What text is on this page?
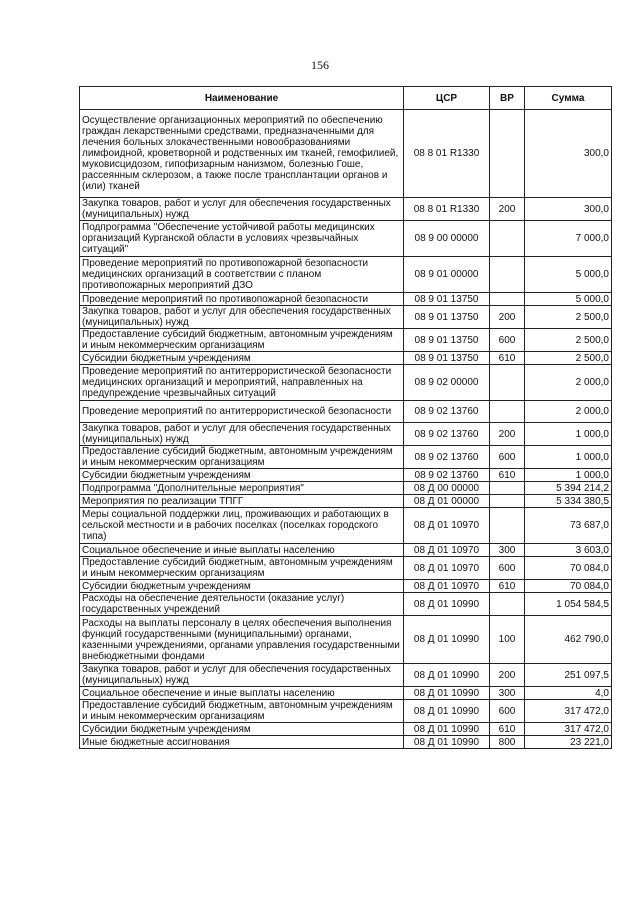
156
Наименование	ЦСР	ВР	Сумма
Осуществление организационных мероприятий по обеспечению граждан лекарственными средствами, предназначенными для лечения больных злокачественными новообразованиями лимфоидной, кроветворной и родственных им тканей, гемофилией, муковисцидозом, гипофизарным нанизмом, болезнью Гоше, рассеянным склерозом, а также после трансплантации органов и (или) тканей	08 8 01 R1330		300,0
Закупка товаров, работ и услуг для обеспечения государственных (муниципальных) нужд	08 8 01 R1330	200	300,0
Подпрограмма "Обеспечение устойчивой работы медицинских организаций Курганской области в условиях чрезвычайных ситуаций"	08 9 00 00000		7 000,0
Проведение мероприятий по противопожарной безопасности медицинских организаций в соответствии с планом противопожарных мероприятий ДЗО	08 9 01 00000		5 000,0
Проведение мероприятий по противопожарной безопасности	08 9 01 13750		5 000,0
Закупка товаров, работ и услуг для обеспечения государственных (муниципальных) нужд	08 9 01 13750	200	2 500,0
Предоставление субсидий бюджетным, автономным учреждениям и иным некоммерческим организациям	08 9 01 13750	600	2 500,0
Субсидии бюджетным учреждениям	08 9 01 13750	610	2 500,0
Проведение мероприятий по антитеррористической безопасности медицинских организаций и мероприятий, направленных на предупреждение чрезвычайных ситуаций	08 9 02 00000		2 000,0
Проведение мероприятий по антитеррористической безопасности	08 9 02 13760		2 000,0
Закупка товаров, работ и услуг для обеспечения государственных (муниципальных) нужд	08 9 02 13760	200	1 000,0
Предоставление субсидий бюджетным, автономным учреждениям и иным некоммерческим организациям	08 9 02 13760	600	1 000,0
Субсидии бюджетным учреждениям	08 9 02 13760	610	1 000,0
Подпрограмма "Дополнительные мероприятия"	08 Д 00 00000		5 394 214,2
Мероприятия по реализации ТПГГ	08 Д 01 00000		5 334 380,5
Меры социальной поддержки лиц, проживающих и работающих в сельской местности и в рабочих поселках (поселках городского типа)	08 Д 01 10970		73 687,0
Социальное обеспечение и иные выплаты населению	08 Д 01 10970	300	3 603,0
Предоставление субсидий бюджетным, автономным учреждениям и иным некоммерческим организациям	08 Д 01 10970	600	70 084,0
Субсидии бюджетным учреждениям	08 Д 01 10970	610	70 084,0
Расходы на обеспечение деятельности (оказание услуг) государственных учреждений	08 Д 01 10990		1 054 584,5
Расходы на выплаты персоналу в целях обеспечения выполнения функций государственными (муниципальными) органами, казенными учреждениями, органами управления государственными внебюджетными фондами	08 Д 01 10990	100	462 790,0
Закупка товаров, работ и услуг для обеспечения государственных (муниципальных) нужд	08 Д 01 10990	200	251 097,5
Социальное обеспечение и иные выплаты населению	08 Д 01 10990	300	4,0
Предоставление субсидий бюджетным, автономным учреждениям и иным некоммерческим организациям	08 Д 01 10990	600	317 472,0
Субсидии бюджетным учреждениям	08 Д 01 10990	610	317 472,0
Иные бюджетные ассигнования	08 Д 01 10990	800	23 221,0
